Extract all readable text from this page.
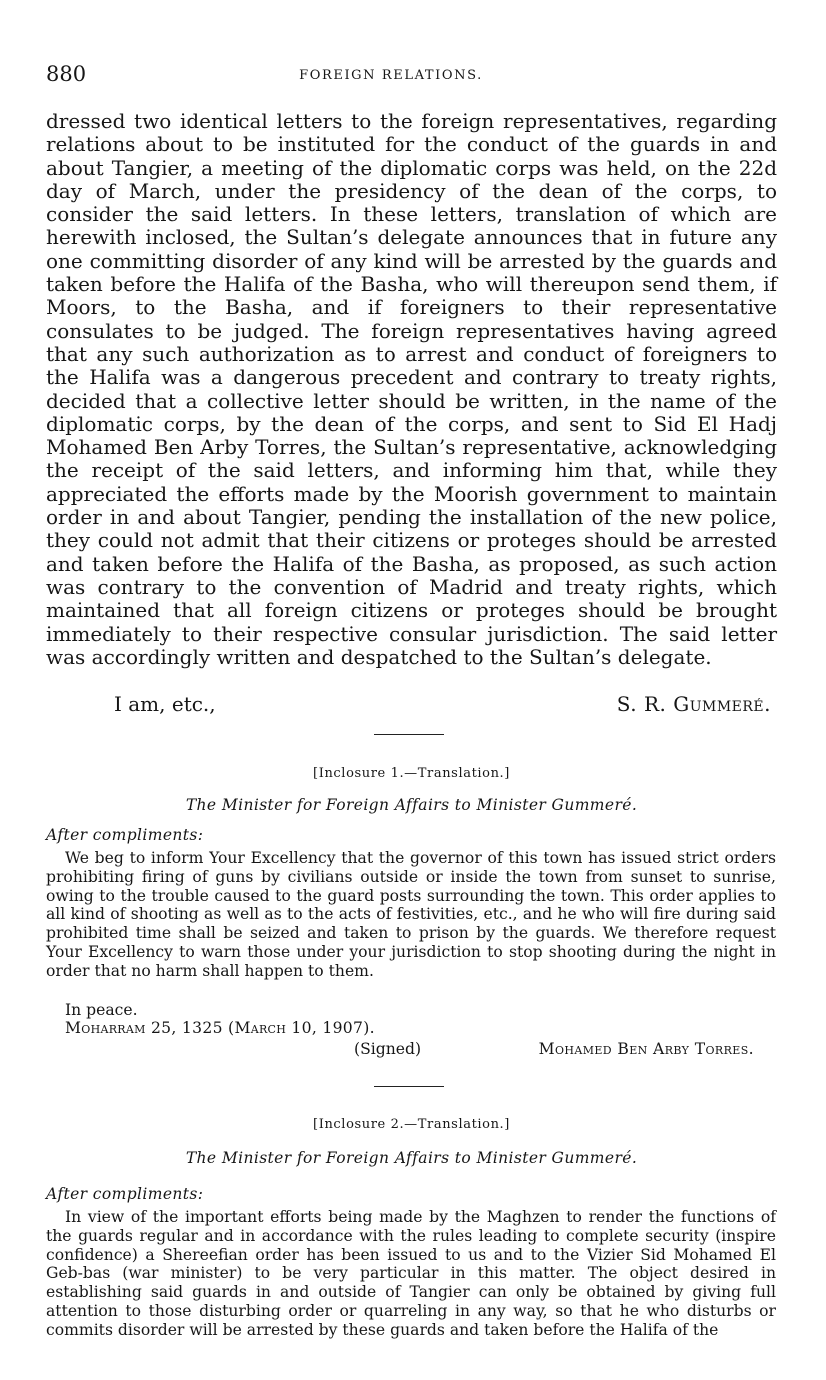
880	FOREIGN RELATIONS.

dressed two identical letters to the foreign representatives, regarding relations about to be instituted for the conduct of the guards in and about Tangier, a meeting of the diplomatic corps was held, on the 22d day of March, under the presidency of the dean of the corps, to consider the said letters. In these letters, translation of which are herewith inclosed, the Sultan’s delegate announces that in future any one committing disorder of any kind will be arrested by the guards and taken before the Halifa of the Basha, who will thereupon send them, if Moors, to the Basha, and if foreigners to their representative consulates to be judged. The foreign representatives having agreed that any such authorization as to arrest and conduct of foreigners to the Halifa was a dangerous precedent and contrary to treaty rights, decided that a collective letter should be written, in the name of the diplomatic corps, by the dean of the corps, and sent to Sid El Hadj Mohamed Ben Arby Torres, the Sultan’s representative, acknowledging the receipt of the said letters, and informing him that, while they appreciated the efforts made by the Moorish government to maintain order in and about Tangier, pending the installation of the new police, they could not admit that their citizens or proteges should be arrested and taken before the Halifa of the Basha, as proposed, as such action was contrary to the convention of Madrid and treaty rights, which maintained that all foreign citizens or proteges should be brought immediately to their respective consular jurisdiction. The said letter was accordingly written and despatched to the Sultan’s delegate.

I am, etc.,	S. R. Gummeré.
[Inclosure 1.—Translation.]
The Minister for Foreign Affairs to Minister Gummeré.
After compliments:

We beg to inform Your Excellency that the governor of this town has issued strict orders prohibiting firing of guns by civilians outside or inside the town from sunset to sunrise, owing to the trouble caused to the guard posts surrounding the town. This order applies to all kind of shooting as well as to the acts of festivities, etc., and he who will fire during said prohibited time shall be seized and taken to prison by the guards. We therefore request Your Excellency to warn those under your jurisdiction to stop shooting during the night in order that no harm shall happen to them.

In peace.
Moharram 25, 1325 (March 10, 1907).
(Signed)	Mohamed Ben Arby Torres.
[Inclosure 2.—Translation.]
The Minister for Foreign Affairs to Minister Gummeré.
After compliments:

In view of the important efforts being made by the Maghzen to render the functions of the guards regular and in accordance with the rules leading to complete security (inspire confidence) a Shereefian order has been issued to us and to the Vizier Sid Mohamed El Geb-bas (war minister) to be very particular in this matter. The object desired in establishing said guards in and outside of Tangier can only be obtained by giving full attention to those disturbing order or quarreling in any way, so that he who disturbs or commits disorder will be arrested by these guards and taken before the Halifa of the
